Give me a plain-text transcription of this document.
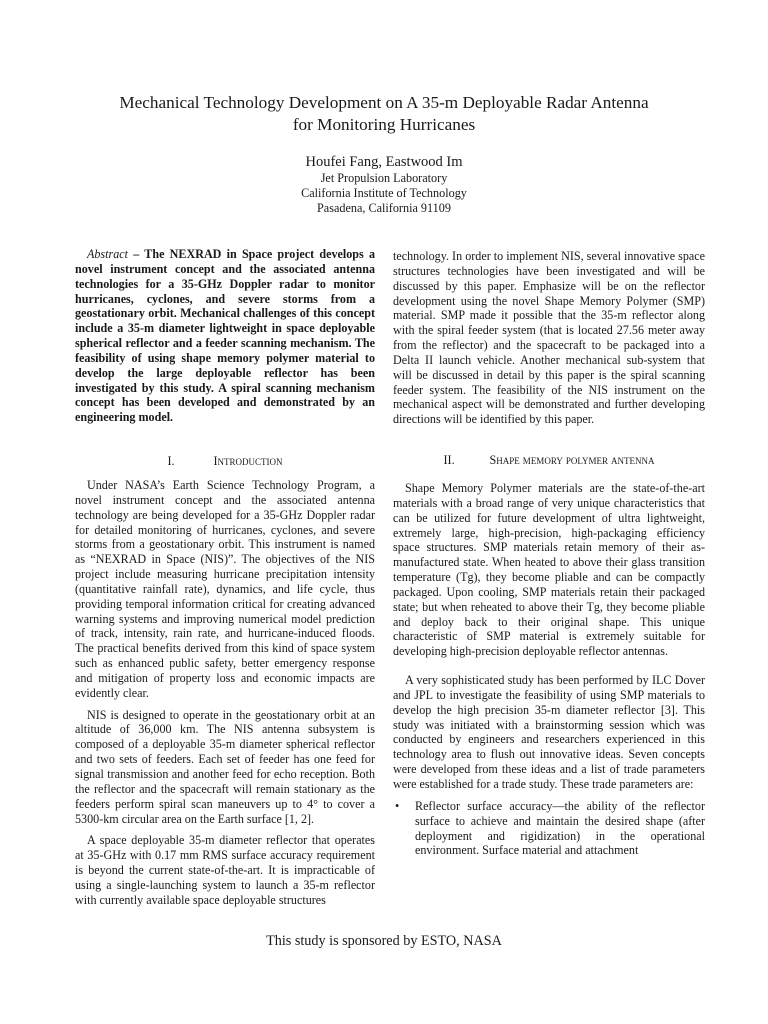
Mechanical Technology Development on A 35-m Deployable Radar Antenna
for Monitoring Hurricanes
Houfei Fang, Eastwood Im
Jet Propulsion Laboratory
California Institute of Technology
Pasadena, California 91109

Abstract – The NEXRAD in Space project develops a novel instrument concept and the associated antenna technologies for a 35-GHz Doppler radar to monitor hurricanes, cyclones, and severe storms from a geostationary orbit. Mechanical challenges of this concept include a 35-m diameter lightweight in space deployable spherical reflector and a feeder scanning mechanism. The feasibility of using shape memory polymer material to develop the large deployable reflector has been investigated by this study. A spiral scanning mechanism concept has been developed and demonstrated by an engineering model.

I.	Introduction

Under NASA’s Earth Science Technology Program, a novel instrument concept and the associated antenna technology are being developed for a 35-GHz Doppler radar for detailed monitoring of hurricanes, cyclones, and severe storms from a geostationary orbit. This instrument is named as “NEXRAD in Space (NIS)”. The objectives of the NIS project include measuring hurricane precipitation intensity (quantitative rainfall rate), dynamics, and life cycle, thus providing temporal information critical for creating advanced warning systems and improving numerical model prediction of track, intensity, rain rate, and hurricane-induced floods. The practical benefits derived from this kind of space system such as enhanced public safety, better emergency response and mitigation of property loss and economic impacts are evidently clear.

NIS is designed to operate in the geostationary orbit at an altitude of 36,000 km. The NIS antenna subsystem is composed of a deployable 35-m diameter spherical reflector and two sets of feeders. Each set of feeder has one feed for signal transmission and another feed for echo reception. Both the reflector and the spacecraft will remain stationary as the feeders perform spiral scan maneuvers up to 4° to cover a 5300-km circular area on the Earth surface [1, 2].

A space deployable 35-m diameter reflector that operates at 35-GHz with 0.17 mm RMS surface accuracy requirement is beyond the current state-of-the-art. It is impracticable of using a single-launching system to launch a 35-m reflector with currently available space deployable structures

technology. In order to implement NIS, several innovative space structures technologies have been investigated and will be discussed by this paper. Emphasize will be on the reflector development using the novel Shape Memory Polymer (SMP) material. SMP made it possible that the 35-m reflector along with the spiral feeder system (that is located 27.56 meter away from the reflector) and the spacecraft to be packaged into a Delta II launch vehicle. Another mechanical sub-system that will be discussed in detail by this paper is the spiral scanning feeder system. The feasibility of the NIS instrument on the mechanical aspect will be demonstrated and further developing directions will be identified by this paper.

II.	Shape memory polymer antenna

Shape Memory Polymer materials are the state-of-the-art materials with a broad range of very unique characteristics that can be utilized for future development of ultra lightweight, extremely large, high-precision, high-packaging efficiency space structures. SMP materials retain memory of their as-manufactured state. When heated to above their glass transition temperature (Tg), they become pliable and can be compactly packaged. Upon cooling, SMP materials retain their packaged state; but when reheated to above their Tg, they become pliable and deploy back to their original shape. This unique characteristic of SMP material is extremely suitable for developing high-precision deployable reflector antennas.

A very sophisticated study has been performed by ILC Dover and JPL to investigate the feasibility of using SMP materials to develop the high precision 35-m diameter reflector [3]. This study was initiated with a brainstorming session which was conducted by engineers and researchers experienced in this technology area to flush out innovative ideas. Seven concepts were developed from these ideas and a list of trade parameters were established for a trade study. These trade parameters are:

• Reflector surface accuracy—the ability of the reflector surface to achieve and maintain the desired shape (after deployment and rigidization) in the operational environment. Surface material and attachment
This study is sponsored by ESTO, NASA
